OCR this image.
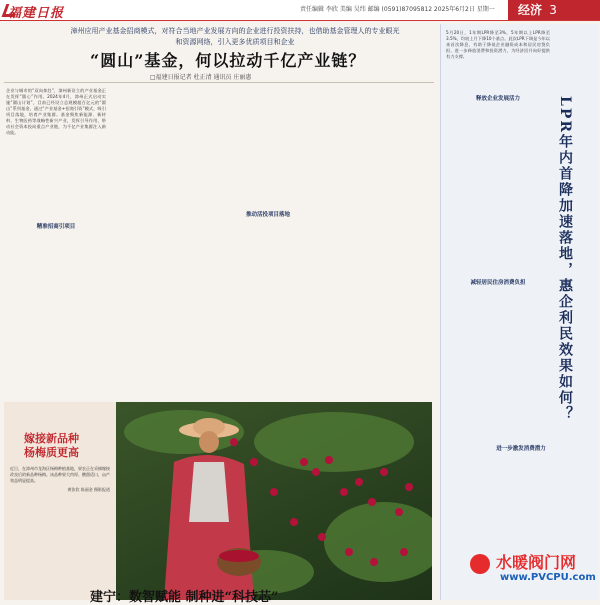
福建日报	责任编辑 李欣 美编 吴纬 邮编 (0591)87095812 2025年6月2日 星期一	经济 3
漳州应用产业基金招商模式，对符合当地产业发展方向的企业进行投资扶持，也借助基金管理人的专业眼光和资源网络，引入更多优质项目和企业
“圆山”基金，何以拉动千亿产业链？
□福建日报记者 杜正清 通讯员 庄丽惠
企业与城市的“双向奔赴”，漳州新设立的产业基金正在发挥“圆心”作用。2024年4月，漳州正式启动实施“圆山计划”，目前已经设立总规模超百亿元的“圆山”系列基金，通过“产业基金+招商引资”模式，吸引项目落地，培育产业集群。基金聚焦新能源、新材料、生物医药等战略性新兴产业，发挥引导作用，带动社会资本投向重点产业链，为千亿产业集群注入新动能。
精准招商引项目
推动活投项目落地
嫁接新品种
杨梅质更高
近日，在漳州市龙海区杨梅种植基地，果农正在采摘嫁接改良后的新品种杨梅。该品种果大肉厚、酸甜适口，亩产效益明显提高。
黄张钦 陈丽金 摄影报道
建宁：数智赋能 制种进“科技芯”
5月20日，1年期LPR降至3%，5年期以上LPR降至3.5%，均较上月下降10个基点。此次LPR下调是今年以来首次降息，有助于降低企业融资成本和居民房贷负担，进一步释放消费和投资潜力，为经济回升向好提供有力支撑。
LPR年内首降加速落地，惠企利民效果如何？
释放企业发展活力
减轻居民住房消费负担
进一步激发消费潜力
水暖阀门网
www.PVCPU.com
